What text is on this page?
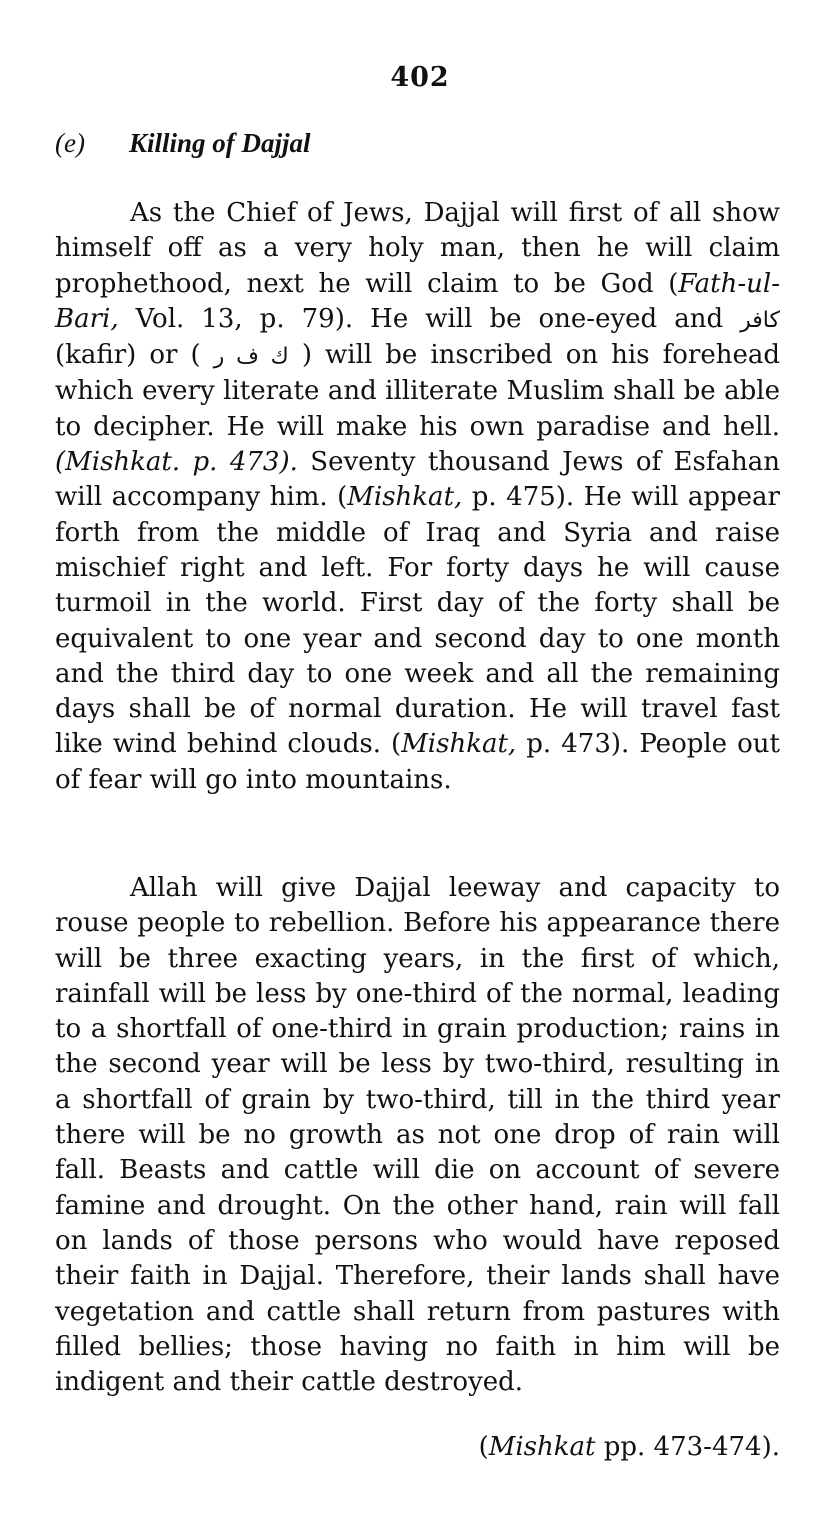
402
(e) Killing of Dajjal

As the Chief of Jews, Dajjal will first of all show himself off as a very holy man, then he will claim prophethood, next he will claim to be God (Fath-ul-Bari, Vol. 13, p. 79). He will be one-eyed and كافر (kafir) or ( ك ف ر ) will be inscribed on his forehead which every literate and illiterate Muslim shall be able to decipher. He will make his own paradise and hell. (Mishkat. p. 473). Seventy thousand Jews of Esfahan will accompany him. (Mishkat, p. 475). He will appear forth from the middle of Iraq and Syria and raise mischief right and left. For forty days he will cause turmoil in the world. First day of the forty shall be equivalent to one year and second day to one month and the third day to one week and all the remaining days shall be of normal duration. He will travel fast like wind behind clouds. (Mishkat, p. 473). People out of fear will go into mountains.

Allah will give Dajjal leeway and capacity to rouse people to rebellion. Before his appearance there will be three exacting years, in the first of which, rainfall will be less by one-third of the normal, leading to a shortfall of one-third in grain production; rains in the second year will be less by two-third, resulting in a shortfall of grain by two-third, till in the third year there will be no growth as not one drop of rain will fall. Beasts and cattle will die on account of severe famine and drought. On the other hand, rain will fall on lands of those persons who would have reposed their faith in Dajjal. Therefore, their lands shall have vegetation and cattle shall return from pastures with filled bellies; those having no faith in him will be indigent and their cattle destroyed.

(Mishkat pp. 473-474).
